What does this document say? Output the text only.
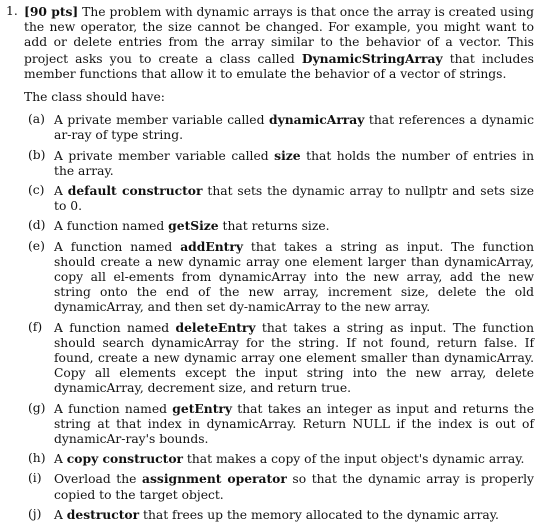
1. [90 pts] The problem with dynamic arrays is that once the array is created using the new operator, the size cannot be changed. For example, you might want to add or delete entries from the array similar to the behavior of a vector. This project asks you to create a class called DynamicStringArray that includes member functions that allow it to emulate the behavior of a vector of strings.

The class should have:

(a) A private member variable called dynamicArray that references a dynamic ar-ray of type string.
(b) A private member variable called size that holds the number of entries in the array.
(c) A default constructor that sets the dynamic array to nullptr and sets size to 0.
(d) A function named getSize that returns size.
(e) A function named addEntry that takes a string as input. The function should create a new dynamic array one element larger than dynamicArray, copy all el-ements from dynamicArray into the new array, add the new string onto the end of the new array, increment size, delete the old dynamicArray, and then set dy-namicArray to the new array.
(f) A function named deleteEntry that takes a string as input. The function should search dynamicArray for the string. If not found, return false. If found, create a new dynamic array one element smaller than dynamicArray. Copy all elements except the input string into the new array, delete dynamicArray, decrement size, and return true.
(g) A function named getEntry that takes an integer as input and returns the string at that index in dynamicArray. Return NULL if the index is out of dynamicAr-ray's bounds.
(h) A copy constructor that makes a copy of the input object's dynamic array.
(i) Overload the assignment operator so that the dynamic array is properly copied to the target object.
(j) A destructor that frees up the memory allocated to the dynamic array.
